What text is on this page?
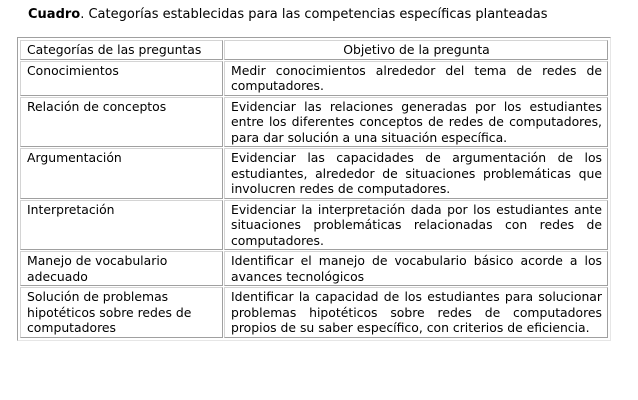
Cuadro. Categorías establecidas para las competencias específicas planteadas
Categorías de las preguntas	Objetivo de la pregunta
Conocimientos	Medir conocimientos alrededor del tema de redes de computadores.
Relación de conceptos	Evidenciar las relaciones generadas por los estudiantes entre los diferentes conceptos de redes de computadores, para dar solución a una situación específica.
Argumentación	Evidenciar las capacidades de argumentación de los estudiantes, alrededor de situaciones problemáticas que involucren redes de computadores.
Interpretación	Evidenciar la interpretación dada por los estudiantes ante situaciones problemáticas relacionadas con redes de computadores.
Manejo de vocabulario adecuado	Identificar el manejo de vocabulario básico acorde a los avances tecnológicos
Solución de problemas hipotéticos sobre redes de computadores	Identificar la capacidad de los estudiantes para solucionar problemas hipotéticos sobre redes de computadores propios de su saber específico, con criterios de eficiencia.
